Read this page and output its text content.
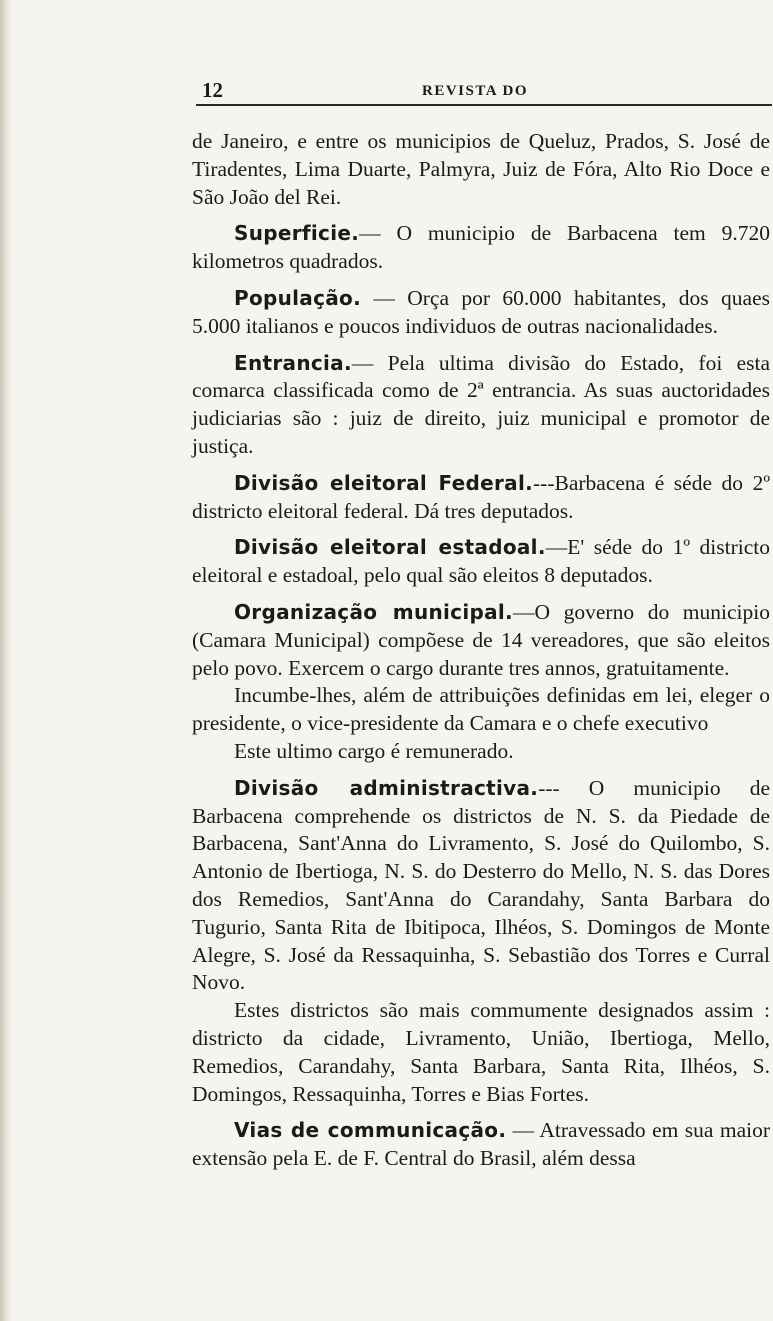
12	REVISTA DO

de Janeiro, e entre os municipios de Queluz, Prados, S. José de Tiradentes, Lima Duarte, Palmyra, Juiz de Fóra, Alto Rio Doce e São João del Rei.

Superficie.— O municipio de Barbacena tem 9.720 kilometros quadrados.

População. — Orça por 60.000 habitantes, dos quaes 5.000 italianos e poucos individuos de outras nacionalidades.

Entrancia.— Pela ultima divisão do Estado, foi esta comarca classificada como de 2ª entrancia. As suas auctoridades judiciarias são : juiz de direito, juiz municipal e promotor de justiça.

Divisão eleitoral Federal.---Barbacena é séde do 2º districto eleitoral federal. Dá tres deputados.

Divisão eleitoral estadoal.—E' séde do 1º districto eleitoral e estadoal, pelo qual são eleitos 8 deputados.

Organização municipal.—O governo do municipio (Camara Municipal) compõese de 14 vereadores, que são eleitos pelo povo. Exercem o cargo durante tres annos, gratuitamente.

Incumbe-lhes, além de attribuições definidas em lei, eleger o presidente, o vice-presidente da Camara e o chefe executivo

Este ultimo cargo é remunerado.

Divisão administractiva.--- O municipio de Barbacena comprehende os districtos de N. S. da Piedade de Barbacena, Sant'Anna do Livramento, S. José do Quilombo, S. Antonio de Ibertioga, N. S. do Desterro do Mello, N. S. das Dores dos Remedios, Sant'Anna do Carandahy, Santa Barbara do Tugurio, Santa Rita de Ibitipoca, Ilhéos, S. Domingos de Monte Alegre, S. José da Ressaquinha, S. Sebastião dos Torres e Curral Novo.

Estes districtos são mais commumente designados assim : districto da cidade, Livramento, União, Ibertioga, Mello, Remedios, Carandahy, Santa Barbara, Santa Rita, Ilhéos, S. Domingos, Ressaquinha, Torres e Bias Fortes.

Vias de communicação. — Atravessado em sua maior extensão pela E. de F. Central do Brasil, além dessa
